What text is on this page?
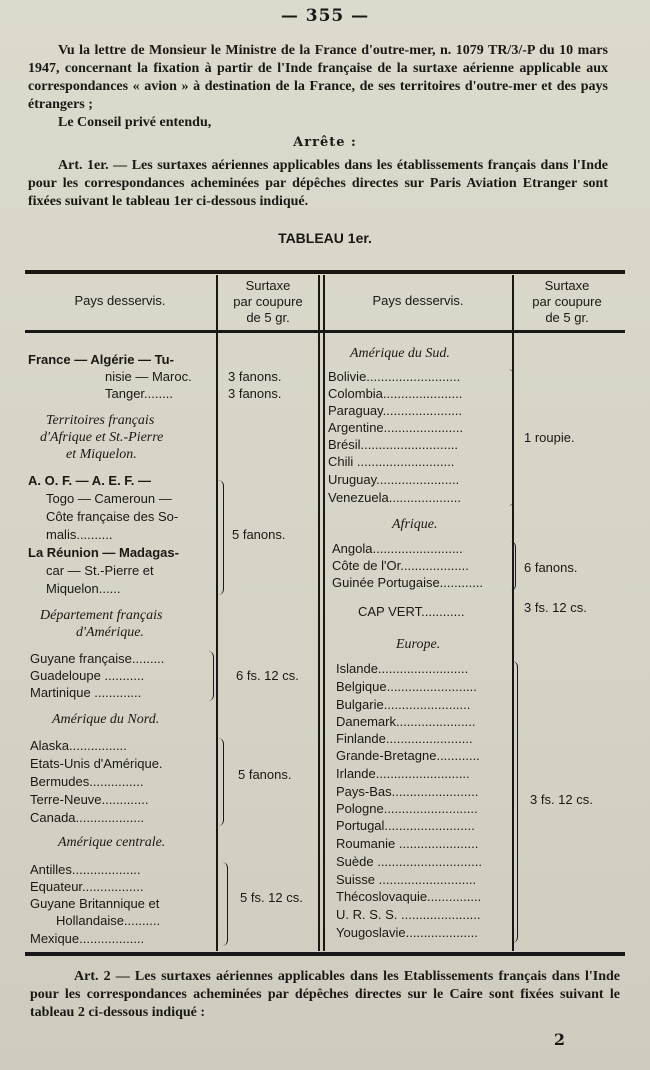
— 355 —
Vu la lettre de Monsieur le Ministre de la France d'outre-mer, n. 1079 TR/3/-P du 10 mars 1947, concernant la fixation à partir de l'Inde française de la surtaxe aérienne applicable aux correspondances « avion » à destination de la France, de ses territoires d'outre-mer et des pays étrangers ;
Le Conseil privé entendu,
Arrête :
Art. 1er. — Les surtaxes aériennes applicables dans les établissements français dans l'Inde pour les correspondances acheminées par dépêches directes sur Paris Aviation Etranger sont fixées suivant le tableau 1er ci-dessous indiqué.
TABLEAU 1er.
Pays desservis.
Surtaxe
par coupure
de 5 gr.
Pays desservis.
Surtaxe
par coupure
de 5 gr.
France — Algérie — Tu-
nisie — Maroc.
Tanger........
3 fanons.
3 fanons.
Territoires français
d'Afrique et St.-Pierre
et Miquelon.
A. O. F. — A. E. F. —
Togo — Cameroun —
Côte française des So-
malis..........
La Réunion — Madagas-
car — St.-Pierre et
Miquelon......
5 fanons.
Département français
d'Amérique.
Guyane française.........
Guadeloupe ...........
Martinique .............
6 fs. 12 cs.
Amérique du Nord.
Alaska................
Etats-Unis d'Amérique.
Bermudes...............
Terre-Neuve.............
Canada...................
5 fanons.
Amérique centrale.
Antilles...................
Equateur.................
Guyane Britannique et
Hollandaise..........
Mexique..................
5 fs. 12 cs.
Amérique du Sud.
Bolivie..........................
Colombia......................
Paraguay......................
Argentine......................
Brésil...........................
Chili ...........................
Uruguay.......................
Venezuela....................
1 roupie.
Afrique.
Angola.........................
Côte de l'Or...................
Guinée Portugaise............
6 fanons.
CAP VERT............	3 fs. 12 cs.
Europe.
Islande.........................
Belgique.........................
Bulgarie........................
Danemark......................
Finlande........................
Grande-Bretagne............
Irlande..........................
Pays-Bas........................
Pologne..........................
Portugal.........................
Roumanie ......................
Suède .............................
Suisse ...........................
Thécoslovaquie...............
U. R. S. S. ......................
Yougoslavie....................
3 fs. 12 cs.
Art. 2 — Les surtaxes aériennes applicables dans les Etablissements français dans l'Inde pour les correspondances acheminées par dépêches directes sur le Caire sont fixées suivant le tableau 2 ci-dessous indiqué :
2
